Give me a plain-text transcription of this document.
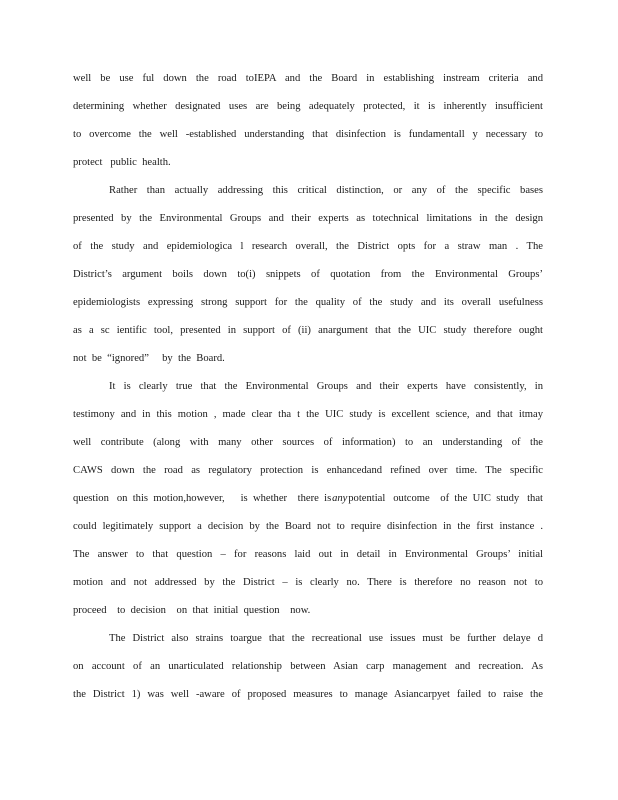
well be use ful down the road toIEPA and the Board in establishing instream criteria and
determining whether designated uses are being adequately protected, it is inherently insufficient
to overcome the well -established understanding that disinfection is fundamentall y necessary to
protect   public  health.
Rather than actually addressing this critical distinction, or any of the specific bases
presented by the Environmental Groups and their experts as totechnical limitations in the design
of the study and epidemiologica l research overall, the District opts for a straw man . The
District’s argument boils down to(i) snippets of quotation from the Environmental Groups’
epidemiologists expressing strong support for the quality of the study and its overall usefulness
as a sc ientific tool, presented in support of (ii) anargument that the UIC study therefore ought
not  be  “ignored”     by  the  Board.
It is clearly true that the Environmental Groups and their experts have consistently, in
testimony and in this motion , made clear tha t the UIC study is excellent science, and that itmay
well contribute (along with many other sources of information) to an understanding of the
CAWS down the road as regulatory protection is enhancedand refined over time. The specific
question   on  this  motion,however,      is  whether    there  is any potential   outcome    of  the  UIC  study   that
could legitimately support a decision by the Board not to require disinfection in the first instance .
The answer to that question – for reasons laid out in detail in Environmental Groups’ initial
motion and not addressed by the District – is clearly no. There is therefore no reason not to
proceed    to  decision    on  that  initial  question    now.
The District also strains toargue that the recreational use issues must be further delaye d
on account of an unarticulated relationship between Asian carp management and recreation. As
the District 1) was well -aware of proposed measures to manage Asiancarpyet failed to raise the
